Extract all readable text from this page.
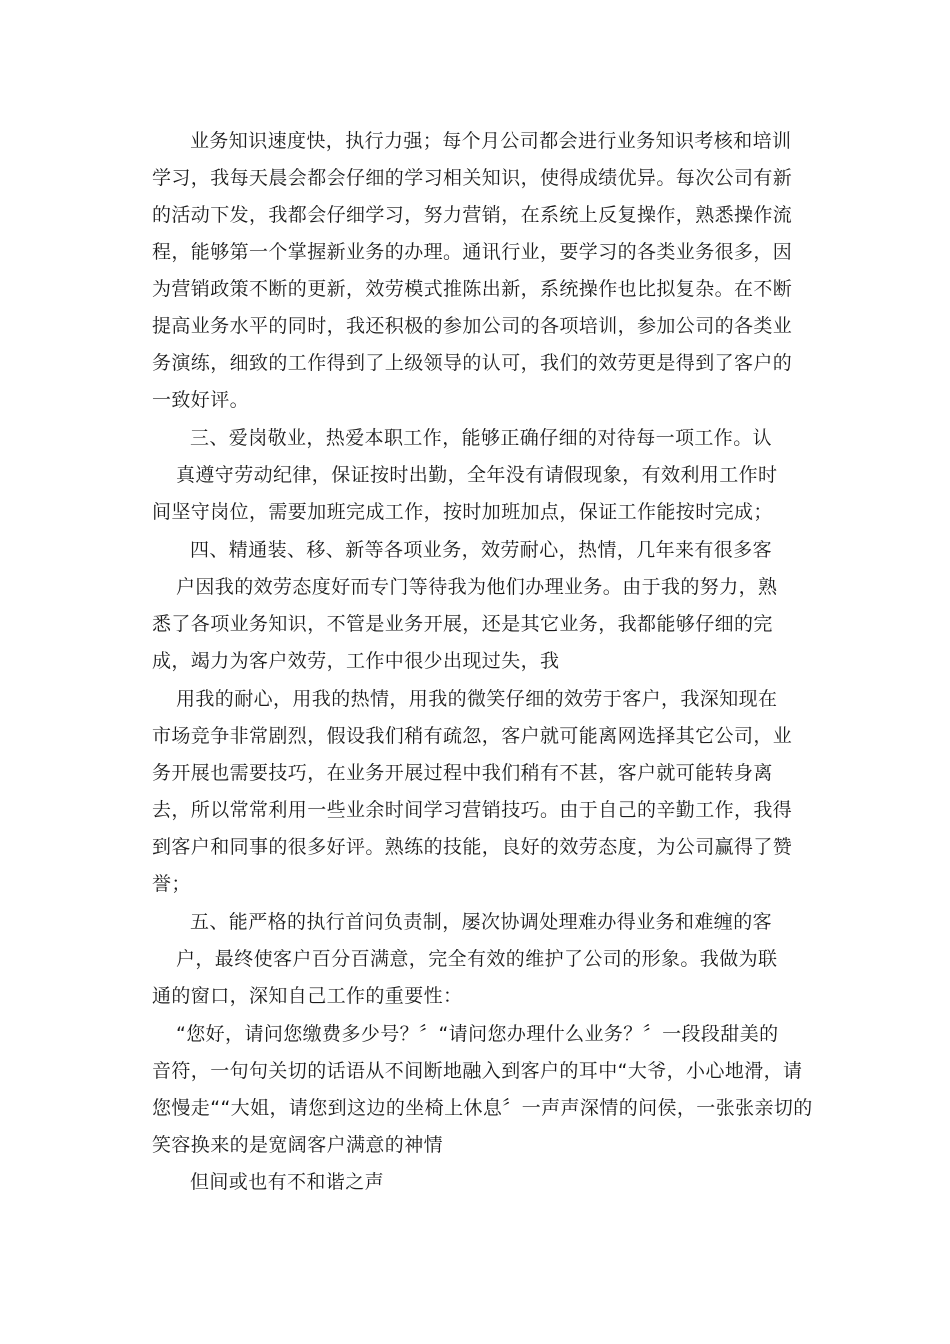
业务知识速度快，执行力强；每个月公司都会进行业务知识考核和培训
学习，我每天晨会都会仔细的学习相关知识，使得成绩优异。每次公司有新
的活动下发，我都会仔细学习，努力营销，在系统上反复操作，熟悉操作流
程，能够第一个掌握新业务的办理。通讯行业，要学习的各类业务很多，因
为营销政策不断的更新，效劳模式推陈出新，系统操作也比拟复杂。在不断
提高业务水平的同时，我还积极的参加公司的各项培训，参加公司的各类业
务演练，细致的工作得到了上级领导的认可，我们的效劳更是得到了客户的
一致好评。
三、爱岗敬业，热爱本职工作，能够正确仔细的对待每一项工作。认
真遵守劳动纪律，保证按时出勤，全年没有请假现象，有效利用工作时
间坚守岗位，需要加班完成工作，按时加班加点，保证工作能按时完成；
四、精通装、移、新等各项业务，效劳耐心，热情，几年来有很多客
户因我的效劳态度好而专门等待我为他们办理业务。由于我的努力，熟
悉了各项业务知识，不管是业务开展，还是其它业务，我都能够仔细的完
成，竭力为客户效劳，工作中很少出现过失，我
用我的耐心，用我的热情，用我的微笑仔细的效劳于客户，我深知现在
市场竞争非常剧烈，假设我们稍有疏忽，客户就可能离网选择其它公司，业
务开展也需要技巧，在业务开展过程中我们稍有不甚，客户就可能转身离
去，所以常常利用一些业余时间学习营销技巧。由于自己的辛勤工作，我得
到客户和同事的很多好评。熟练的技能，良好的效劳态度，为公司赢得了赞
誉；
五、能严格的执行首问负责制，屡次协调处理难办得业务和难缠的客
户，最终使客户百分百满意，完全有效的维护了公司的形象。我做为联
通的窗口，深知自己工作的重要性：
“您好，请问您缴费多少号？〞“请问您办理什么业务？〞一段段甜美的
音符，一句句关切的话语从不间断地融入到客户的耳中“大爷，小心地滑，请
您慢走““大姐，请您到这边的坐椅上休息〞一声声深情的问侯，一张张亲切的
笑容换来的是宽阔客户满意的神情
但间或也有不和谐之声
